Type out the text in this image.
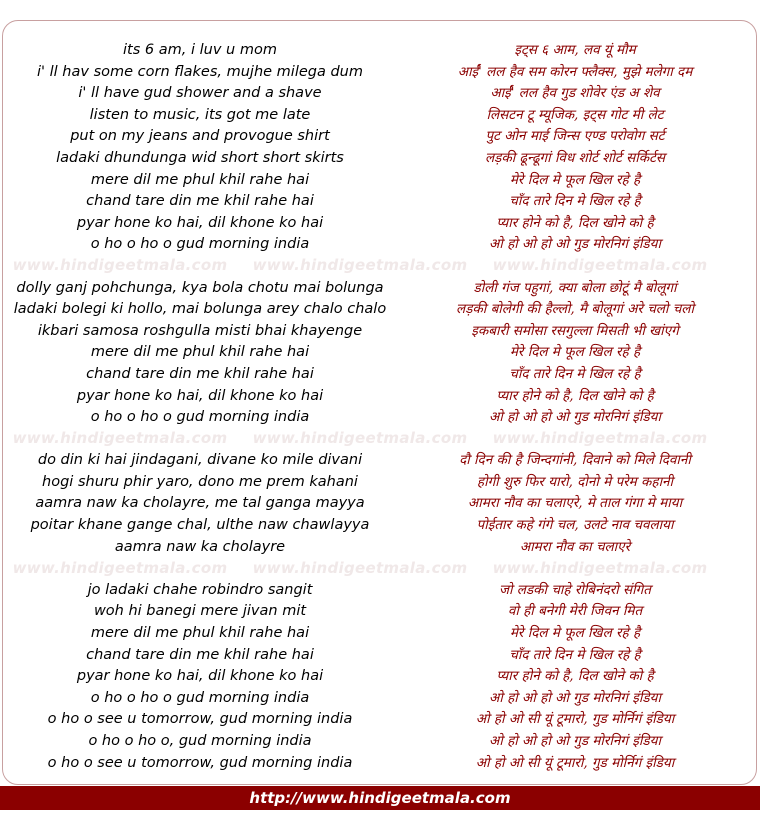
www.hindigeetmala.com www.hindigeetmala.com www.hindigeetmala.com
www.hindigeetmala.com www.hindigeetmala.com www.hindigeetmala.com
www.hindigeetmala.com www.hindigeetmala.com www.hindigeetmala.com
its 6 am, i luv u mom
i' ll hav some corn flakes, mujhe milega dum
i' ll have gud shower and a shave
listen to music, its got me late
put on my jeans and provogue shirt
ladaki dhundunga wid short short skirts
mere dil me phul khil rahe hai
chand tare din me khil rahe hai
pyar hone ko hai, dil khone ko hai
o ho o ho o gud morning india
dolly ganj pohchunga, kya bola chotu mai bolunga
ladaki bolegi ki hollo, mai bolunga arey chalo chalo
ikbari samosa roshgulla misti bhai khayenge
mere dil me phul khil rahe hai
chand tare din me khil rahe hai
pyar hone ko hai, dil khone ko hai
o ho o ho o gud morning india
do din ki hai jindagani, divane ko mile divani
hogi shuru phir yaro, dono me prem kahani
aamra naw ka cholayre, me tal ganga mayya
poitar khane gange chal, ulthe naw chawlayya
aamra naw ka cholayre
jo ladaki chahe robindro sangit
woh hi banegi mere jivan mit
mere dil me phul khil rahe hai
chand tare din me khil rahe hai
pyar hone ko hai, dil khone ko hai
o ho o ho o gud morning india
o ho o see u tomorrow, gud morning india
o ho o ho o, gud morning india
o ho o see u tomorrow, gud morning india
इट्स ६ आम, लव यूं मौम
आईं' लल हैव सम कोरन फ्लैक्स, मुझे मलेगा दम
आईं' लल हैव गुड शोवेर एंड अ शेव
लिसटन टू म्यूजिक, इट्स गोट मी लेट
पुट ओन माई जिन्स एण्ड परोवोग सर्ट
लड़की ढून्ढूगां विध शोर्ट शोर्ट सर्किर्टस
मेरे दिल मे फूल खिल रहे है
चाँद तारे दिन मे खिल रहे है
प्यार होने को है, दिल खोने को है
ओ हो ओ हो ओ गुड मोरनिगं इंडिया
डोली गंज पहुगां, क्या बोला छोटूं मै बोलूगां
लड़की बोलेगी की हैल्लो, मै बोलूगां अरे चलो चलो
इकबारी समोसा रसगुल्ला मिसती भी खांएगे
मेरे दिल मे फूल खिल रहे है
चाँद तारे दिन मे खिल रहे है
प्यार होने को है, दिल खोने को है
ओ हो ओ हो ओ गुड मोरनिगं इंडिया
दौ दिन की है जिन्दगांनी, दिवाने को मिले दिवानी
होगी शुरु फिर यारो, दोनो मे परेम कहानी
आमरा नौव का चलाएरे, मे ताल गंगा मे माया
पोईतार कहे गंगे चल, उलटे नाव चवलाया
आमरा नौव का चलाएरे
जो लडकी चाहे रोबिनंदरो संगित
वो ही बनेगी मेरी जिवन मित
मेरे दिल मे फूल खिल रहे है
चाँद तारे दिन मे खिल रहे है
प्यार होने को है, दिल खोने को है
ओ हो ओ हो ओ गुड मोरनिगं इंडिया
ओ हो ओ सी यूं टूमारो, गुड मोर्निगं इंडिया
ओ हो ओ हो ओ गुड मोरनिगं इंडिया
ओ हो ओ सी यूं टूमारो, गुड मोर्निगं इंडिया
http://www.hindigeetmala.com
